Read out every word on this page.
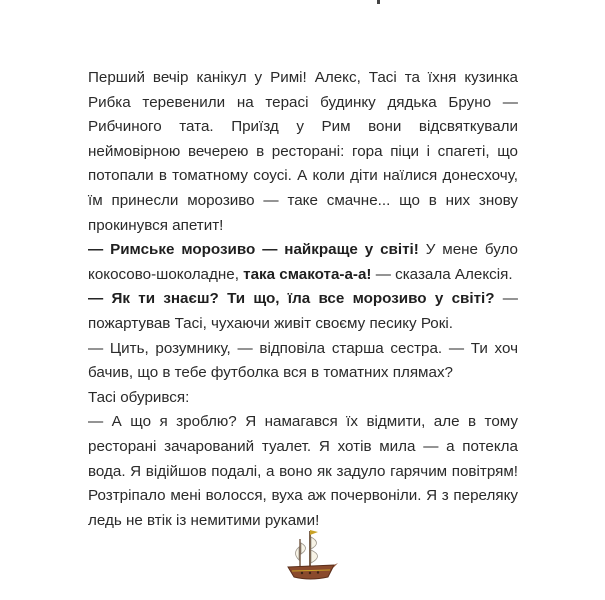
Перший вечір канікул у Римі! Алекс, Тасі та їхня кузинка Рибка теревенили на терасі будинку дядька Бруно — Рибчиного тата. Приїзд у Рим вони відсвяткували неймовірною вечерею в ресторані: гора піци і спагеті, що потопали в томатному соусі. А коли діти наїлися донесхочу, їм принесли морозиво — таке смачне... що в них знову прокинувся апетит!

— Римське морозиво — найкраще у світі! У мене було кокосово-шоколадне, така смакота-а-а! — сказала Алексія.

— Як ти знаєш? Ти що, їла все морозиво у світі? — пожартував Тасі, чухаючи живіт своєму песику Рокі.

— Цить, розумнику, — відповіла старша сестра. — Ти хоч бачив, що в тебе футболка вся в томатних плямах?

Тасі обурився:

— А що я зроблю? Я намагався їх відмити, але в тому ресторані зачарований туалет. Я хотів мила — а потекла вода. Я відійшов подалі, а воно як задуло гарячим повітрям! Розтріпало мені волосся, вуха аж почервоніли. Я з переляку ледь не втік із немитими руками!
